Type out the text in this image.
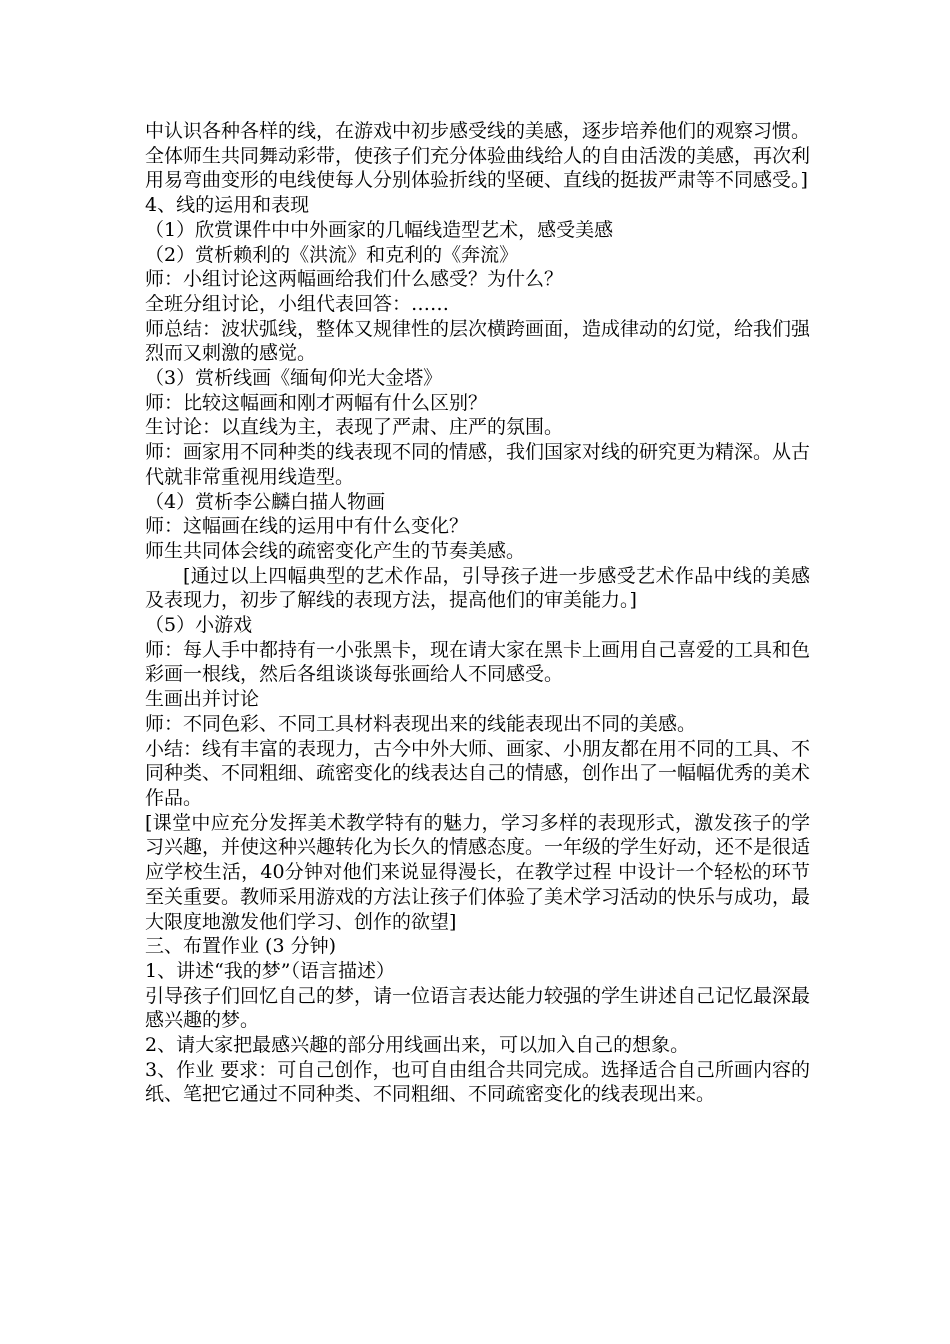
中认识各种各样的线，在游戏中初步感受线的美感，逐步培养他们的观察习惯。全体师生共同舞动彩带，使孩子们充分体验曲线给人的自由活泼的美感，再次利用易弯曲变形的电线使每人分别体验折线的坚硬、直线的挺拔严肃等不同感受。]

4、线的运用和表现

（1）欣赏课件中中外画家的几幅线造型艺术，感受美感

（2）赏析赖利的《洪流》和克利的《奔流》

师：小组讨论这两幅画给我们什么感受？为什么？

全班分组讨论，小组代表回答：……

师总结：波状弧线，整体又规律性的层次横跨画面，造成律动的幻觉，给我们强烈而又刺激的感觉。

（3）赏析线画《缅甸仰光大金塔》

师：比较这幅画和刚才两幅有什么区别？

生讨论：以直线为主，表现了严肃、庄严的氛围。

师：画家用不同种类的线表现不同的情感，我们国家对线的研究更为精深。从古代就非常重视用线造型。

（4）赏析李公麟白描人物画

师：这幅画在线的运用中有什么变化？

师生共同体会线的疏密变化产生的节奏美感。

[通过以上四幅典型的艺术作品，引导孩子进一步感受艺术作品中线的美感及表现力，初步了解线的表现方法，提高他们的审美能力。]

（5）小游戏

师：每人手中都持有一小张黑卡，现在请大家在黑卡上画用自己喜爱的工具和色彩画一根线，然后各组谈谈每张画给人不同感受。

生画出并讨论

师：不同色彩、不同工具材料表现出来的线能表现出不同的美感。

小结：线有丰富的表现力，古今中外大师、画家、小朋友都在用不同的工具、不同种类、不同粗细、疏密变化的线表达自己的情感，创作出了一幅幅优秀的美术作品。

[课堂中应充分发挥美术教学特有的魅力，学习多样的表现形式，激发孩子的学习兴趣，并使这种兴趣转化为长久的情感态度。一年级的学生好动，还不是很适应学校生活，40分钟对他们来说显得漫长，在教学过程 中设计一个轻松的环节至关重要。教师采用游戏的方法让孩子们体验了美术学习活动的快乐与成功，最大限度地激发他们学习、创作的欲望]

三、布置作业 (3 分钟)

1、讲述“我的梦”（语言描述）

引导孩子们回忆自己的梦，请一位语言表达能力较强的学生讲述自己记忆最深最感兴趣的梦。

2、请大家把最感兴趣的部分用线画出来，可以加入自己的想象。

3、作业 要求：可自己创作，也可自由组合共同完成。选择适合自己所画内容的纸、笔把它通过不同种类、不同粗细、不同疏密变化的线表现出来。
